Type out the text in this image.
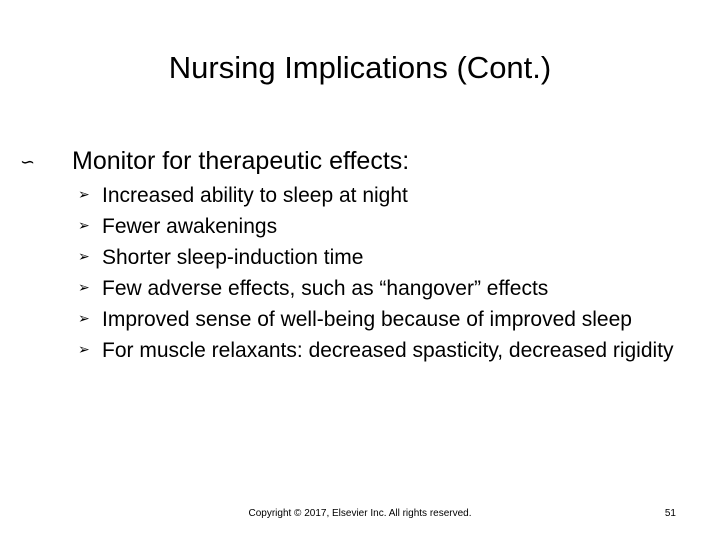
Nursing Implications (Cont.)
∽	Monitor for therapeutic effects:
➢ Increased ability to sleep at night
➢ Fewer awakenings
➢ Shorter sleep-induction time
➢ Few adverse effects, such as “hangover” effects
➢ Improved sense of well-being because of improved sleep
➢ For muscle relaxants: decreased spasticity, decreased rigidity
Copyright © 2017, Elsevier Inc. All rights reserved.	51
